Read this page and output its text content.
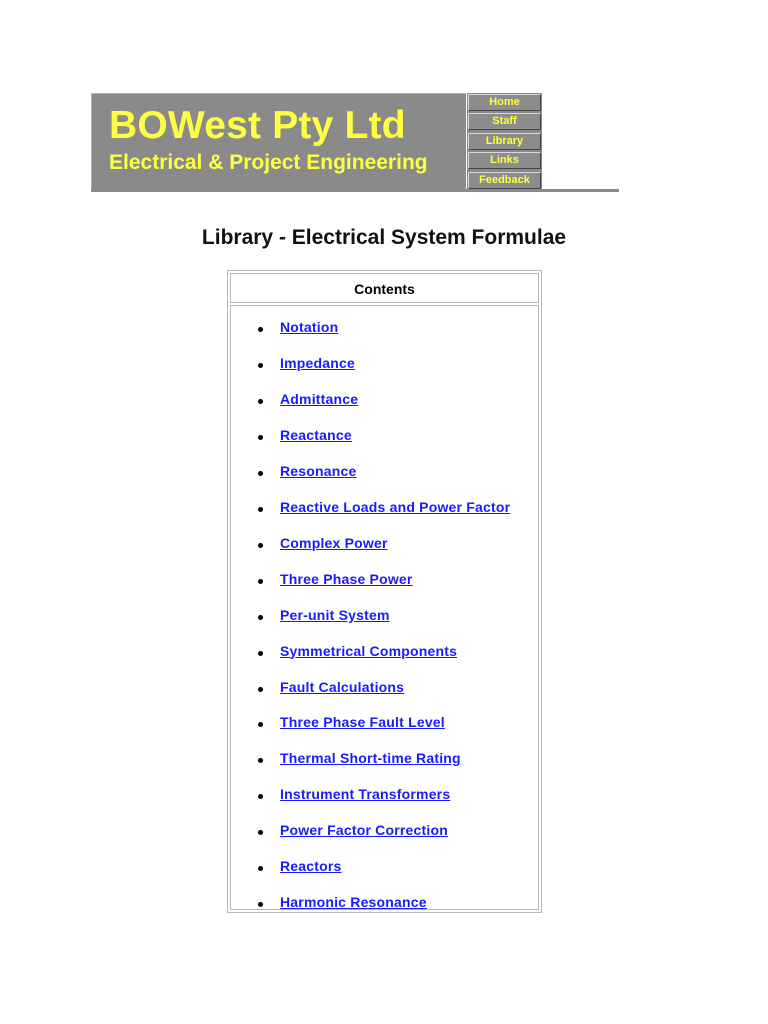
BOWest Pty Ltd
Electrical & Project Engineering
Home
Staff
Library
Links
Feedback
Library - Electrical System Formulae
Contents
Notation
Impedance
Admittance
Reactance
Resonance
Reactive Loads and Power Factor
Complex Power
Three Phase Power
Per-unit System
Symmetrical Components
Fault Calculations
Three Phase Fault Level
Thermal Short-time Rating
Instrument Transformers
Power Factor Correction
Reactors
Harmonic Resonance
